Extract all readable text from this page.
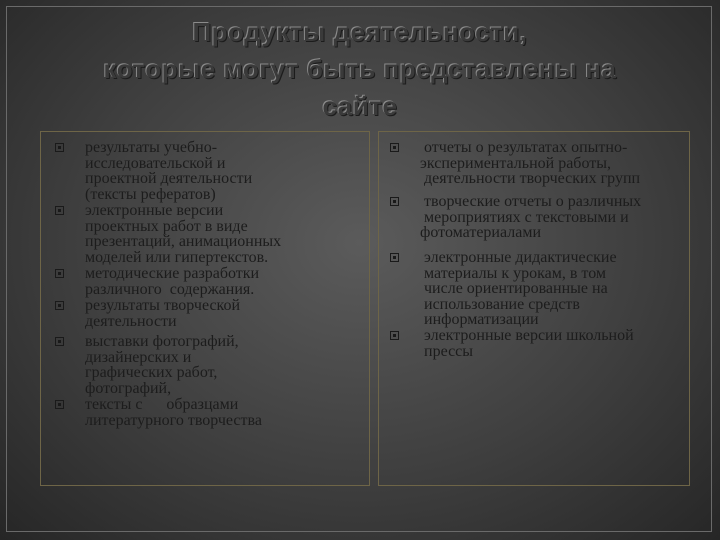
Продукты деятельности,
которые могут быть представлены на
сайте
результаты учебно-
исследовательской и
проектной деятельности
(тексты рефератов)
электронные версии
проектных работ в виде
презентаций, анимационных
моделей или гипертекстов.
методические разработки
различного  содержания.
результаты творческой
деятельности
выставки фотографий,
дизайнерских и
графических работ,
фотографий,
тексты с      образцами
литературного творчества
отчеты о результатах опытно-
экспериментальной работы,
деятельности творческих групп
творческие отчеты о различных
мероприятиях с текстовыми и
фотоматериалами
электронные дидактические
материалы к урокам, в том
числе ориентированные на
использование средств
информатизации
электронные версии школьной
прессы
